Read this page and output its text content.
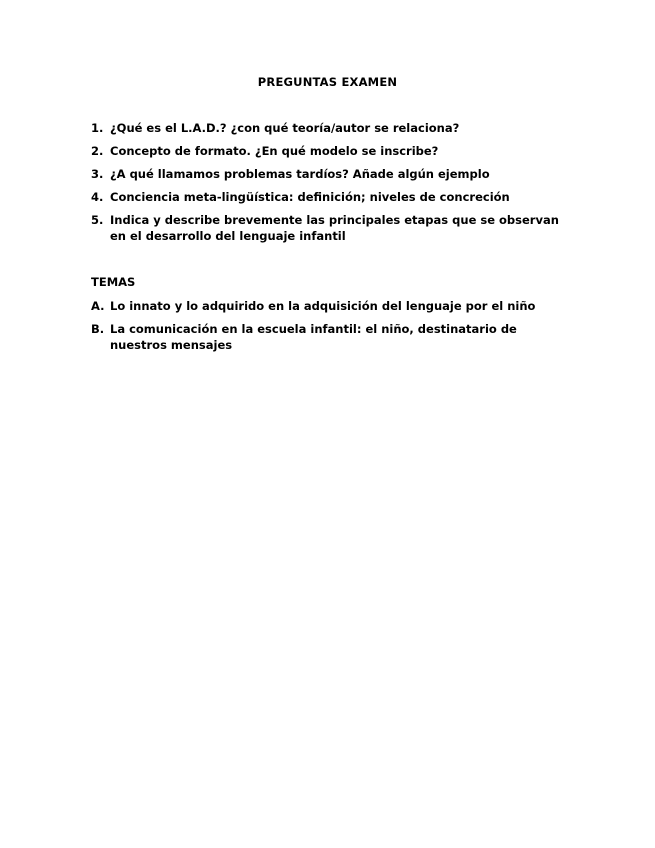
PREGUNTAS EXAMEN
1. ¿Qué es el L.A.D.? ¿con qué teoría/autor se relaciona?
2. Concepto de formato. ¿En qué modelo se inscribe?
3. ¿A qué llamamos problemas tardíos? Añade algún ejemplo
4. Conciencia meta-lingüística: definición; niveles de concreción
5. Indica y describe brevemente las principales etapas que se observan en el desarrollo del lenguaje infantil
TEMAS
A. Lo innato y lo adquirido en la adquisición del lenguaje por el niño
B. La comunicación en la escuela infantil: el niño, destinatario de nuestros mensajes
